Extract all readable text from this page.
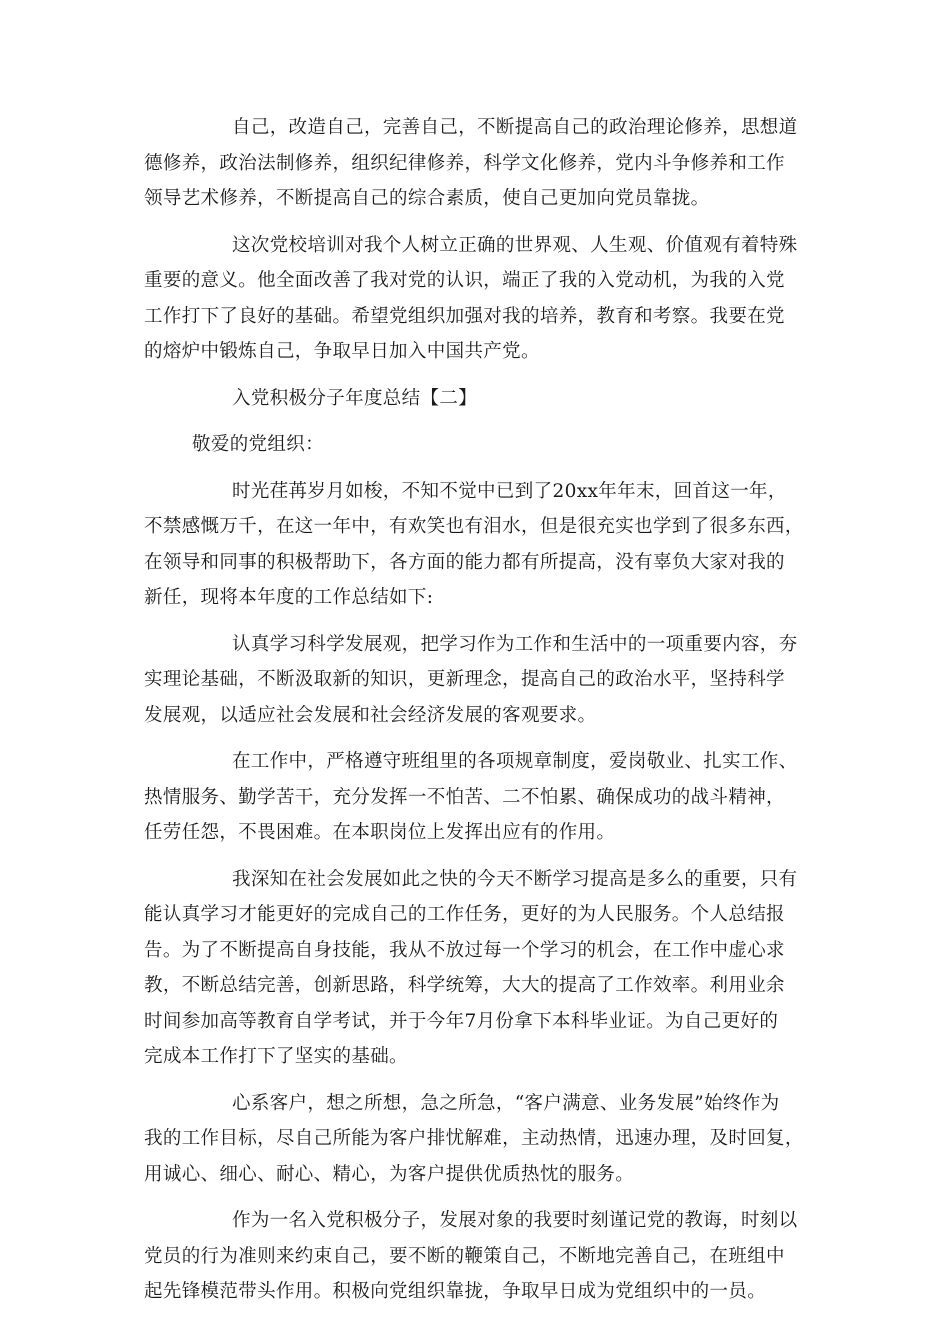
自己，改造自己，完善自己，不断提高自己的政治理论修养，思想道
德修养，政治法制修养，组织纪律修养，科学文化修养，党内斗争修养和工作
领导艺术修养，不断提高自己的综合素质，使自己更加向党员靠拢。

这次党校培训对我个人树立正确的世界观、人生观、价值观有着特殊
重要的意义。他全面改善了我对党的认识，端正了我的入党动机，为我的入党
工作打下了良好的基础。希望党组织加强对我的培养，教育和考察。我要在党
的熔炉中锻炼自己，争取早日加入中国共产党。

入党积极分子年度总结【二】
敬爱的党组织：

时光荏苒岁月如梭，不知不觉中已到了20xx年年末，回首这一年，
不禁感慨万千，在这一年中，有欢笑也有泪水，但是很充实也学到了很多东西，
在领导和同事的积极帮助下，各方面的能力都有所提高，没有辜负大家对我的
新任，现将本年度的工作总结如下:

认真学习科学发展观，把学习作为工作和生活中的一项重要内容，夯
实理论基础，不断汲取新的知识，更新理念，提高自己的政治水平，坚持科学
发展观，以适应社会发展和社会经济发展的客观要求。

在工作中，严格遵守班组里的各项规章制度，爱岗敬业、扎实工作、
热情服务、勤学苦干，充分发挥一不怕苦、二不怕累、确保成功的战斗精神，
任劳任怨，不畏困难。在本职岗位上发挥出应有的作用。

我深知在社会发展如此之快的今天不断学习提高是多么的重要，只有
能认真学习才能更好的完成自己的工作任务，更好的为人民服务。个人总结报
告。为了不断提高自身技能，我从不放过每一个学习的机会，在工作中虚心求
教，不断总结完善，创新思路，科学统筹，大大的提高了工作效率。利用业余
时间参加高等教育自学考试，并于今年7月份拿下本科毕业证。为自己更好的
完成本工作打下了坚实的基础。

心系客户，想之所想，急之所急，“客户满意、业务发展”始终作为
我的工作目标，尽自己所能为客户排忧解难，主动热情，迅速办理，及时回复，
用诚心、细心、耐心、精心，为客户提供优质热忱的服务。

作为一名入党积极分子，发展对象的我要时刻谨记党的教诲，时刻以
党员的行为准则来约束自己，要不断的鞭策自己，不断地完善自己，在班组中
起先锋模范带头作用。积极向党组织靠拢，争取早日成为党组织中的一员。
